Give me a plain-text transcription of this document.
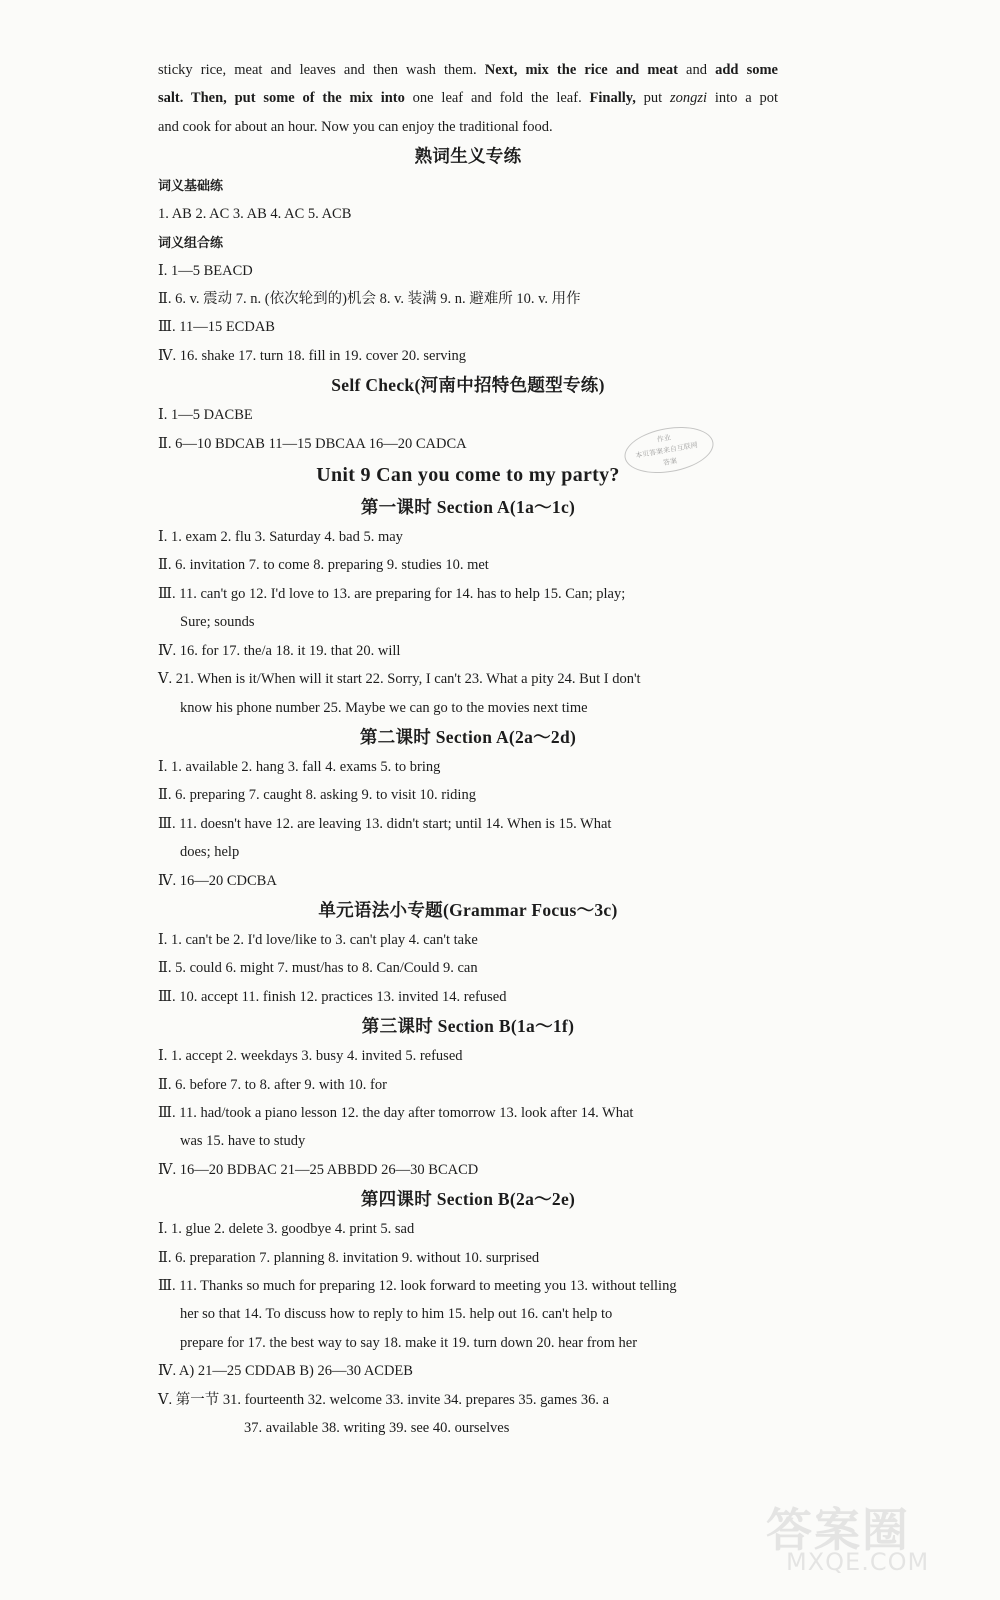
sticky rice, meat and leaves and then wash them. Next, mix the rice and meat and add some
salt. Then, put some of the mix into one leaf and fold the leaf. Finally, put zongzi into a pot
and cook for about an hour. Now you can enjoy the traditional food.
熟词生义专练
词义基础练
1. AB 2. AC 3. AB 4. AC 5. ACB
词义组合练
Ⅰ. 1—5 BEACD
Ⅱ. 6. v. 震动 7. n. (依次轮到的)机会 8. v. 装满 9. n. 避难所 10. v. 用作
Ⅲ. 11—15 ECDAB
Ⅳ. 16. shake 17. turn 18. fill in 19. cover 20. serving
Self Check(河南中招特色题型专练)
Ⅰ. 1—5 DACBE
Ⅱ. 6—10 BDCAB 11—15 DBCAA 16—20 CADCA
Unit 9 Can you come to my party?
第一课时 Section A(1a～1c)
Ⅰ. 1. exam 2. flu 3. Saturday 4. bad 5. may
Ⅱ. 6. invitation 7. to come 8. preparing 9. studies 10. met
Ⅲ. 11. can't go 12. I'd love to 13. are preparing for 14. has to help 15. Can; play;
Sure; sounds
Ⅳ. 16. for 17. the/a 18. it 19. that 20. will
Ⅴ. 21. When is it/When will it start 22. Sorry, I can't 23. What a pity 24. But I don't
know his phone number 25. Maybe we can go to the movies next time
第二课时 Section A(2a～2d)
Ⅰ. 1. available 2. hang 3. fall 4. exams 5. to bring
Ⅱ. 6. preparing 7. caught 8. asking 9. to visit 10. riding
Ⅲ. 11. doesn't have 12. are leaving 13. didn't start; until 14. When is 15. What
does; help
Ⅳ. 16—20 CDCBA
单元语法小专题(Grammar Focus～3c)
Ⅰ. 1. can't be 2. I'd love/like to 3. can't play 4. can't take
Ⅱ. 5. could 6. might 7. must/has to 8. Can/Could 9. can
Ⅲ. 10. accept 11. finish 12. practices 13. invited 14. refused
第三课时 Section B(1a～1f)
Ⅰ. 1. accept 2. weekdays 3. busy 4. invited 5. refused
Ⅱ. 6. before 7. to 8. after 9. with 10. for
Ⅲ. 11. had/took a piano lesson 12. the day after tomorrow 13. look after 14. What
was 15. have to study
Ⅳ. 16—20 BDBAC 21—25 ABBDD 26—30 BCACD
第四课时 Section B(2a～2e)
Ⅰ. 1. glue 2. delete 3. goodbye 4. print 5. sad
Ⅱ. 6. preparation 7. planning 8. invitation 9. without 10. surprised
Ⅲ. 11. Thanks so much for preparing 12. look forward to meeting you 13. without telling
her so that 14. To discuss how to reply to him 15. help out 16. can't help to
prepare for 17. the best way to say 18. make it 19. turn down 20. hear from her
Ⅳ. A) 21—25 CDDAB B) 26—30 ACDEB
Ⅴ. 第一节 31. fourteenth 32. welcome 33. invite 34. prepares 35. games 36. a
37. available 38. writing 39. see 40. ourselves
作业
本页答案来自互联网
答案
答案圈
MXQE.COM
